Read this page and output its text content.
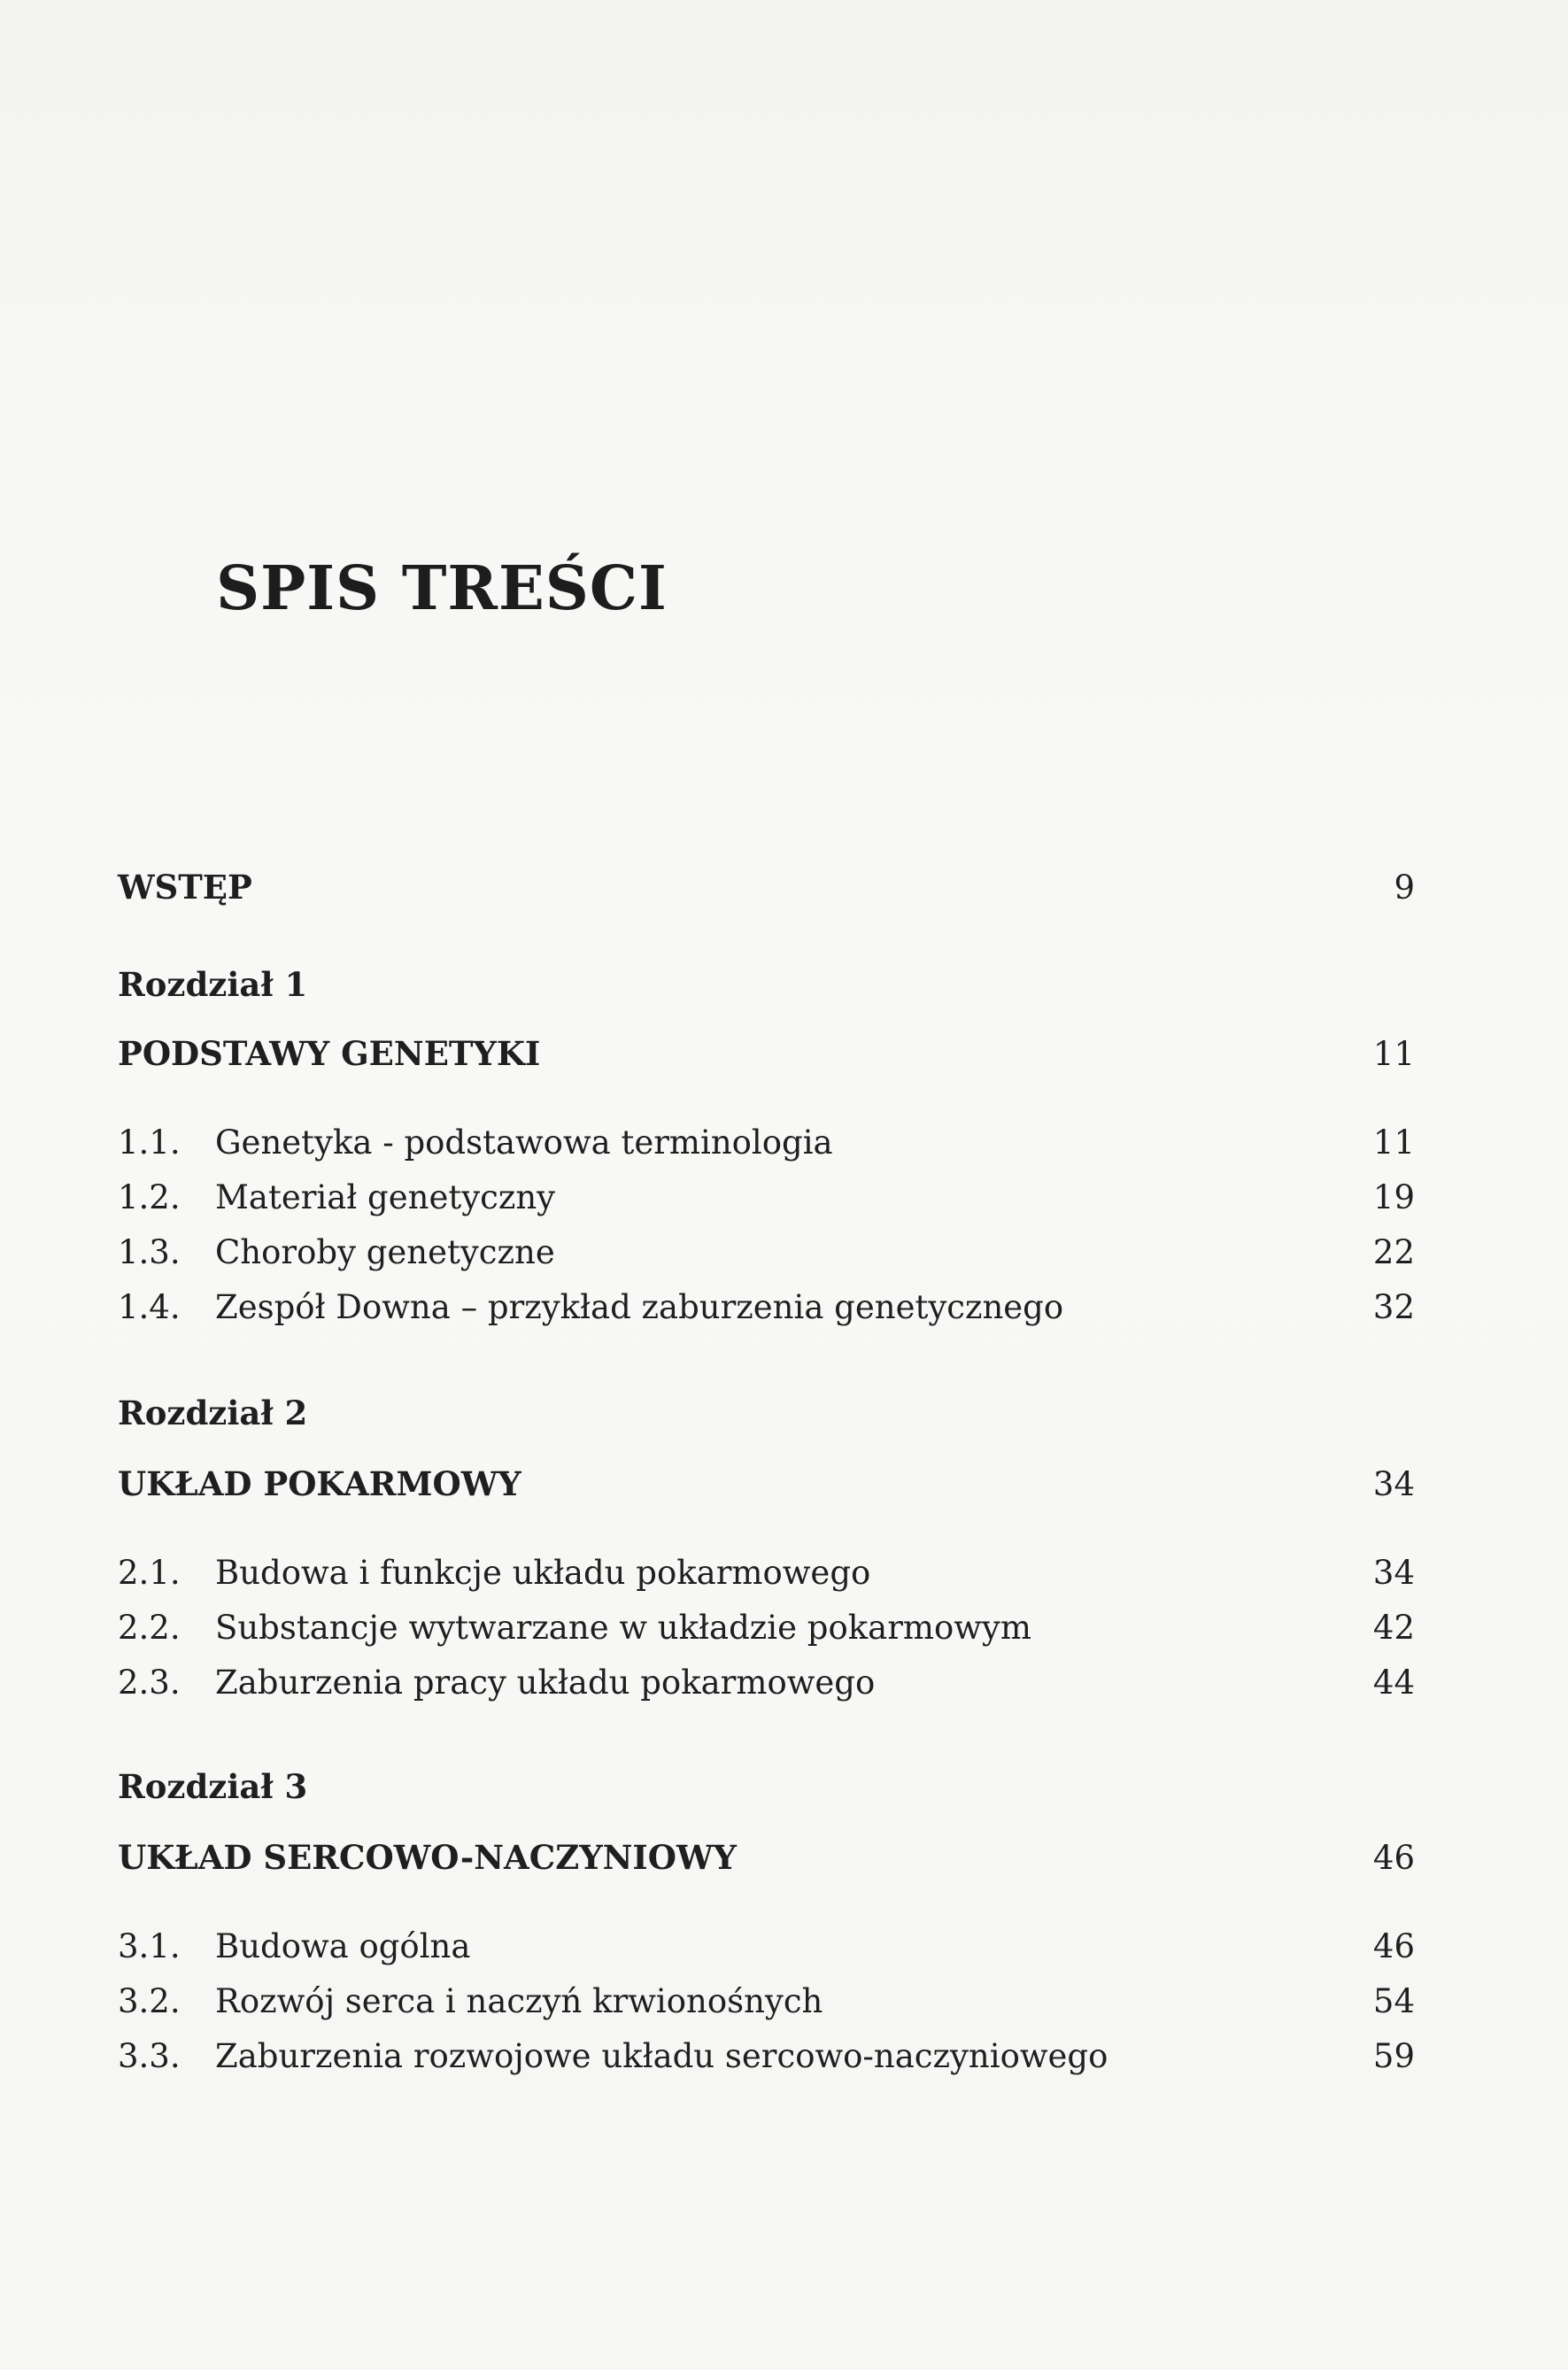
SPIS TREŚCI
WSTĘP	9
Rozdział 1
PODSTAWY GENETYKI	11
1.1.	Genetyka - podstawowa terminologia	11
1.2.	Materiał genetyczny	19
1.3.	Choroby genetyczne	22
1.4.	Zespół Downa – przykład zaburzenia genetycznego	32
Rozdział 2
UKŁAD POKARMOWY	34
2.1.	Budowa i funkcje układu pokarmowego	34
2.2.	Substancje wytwarzane w układzie pokarmowym	42
2.3.	Zaburzenia pracy układu pokarmowego	44
Rozdział 3
UKŁAD SERCOWO-NACZYNIOWY	46
3.1.	Budowa ogólna	46
3.2.	Rozwój serca i naczyń krwionośnych	54
3.3.	Zaburzenia rozwojowe układu sercowo-naczyniowego	59
